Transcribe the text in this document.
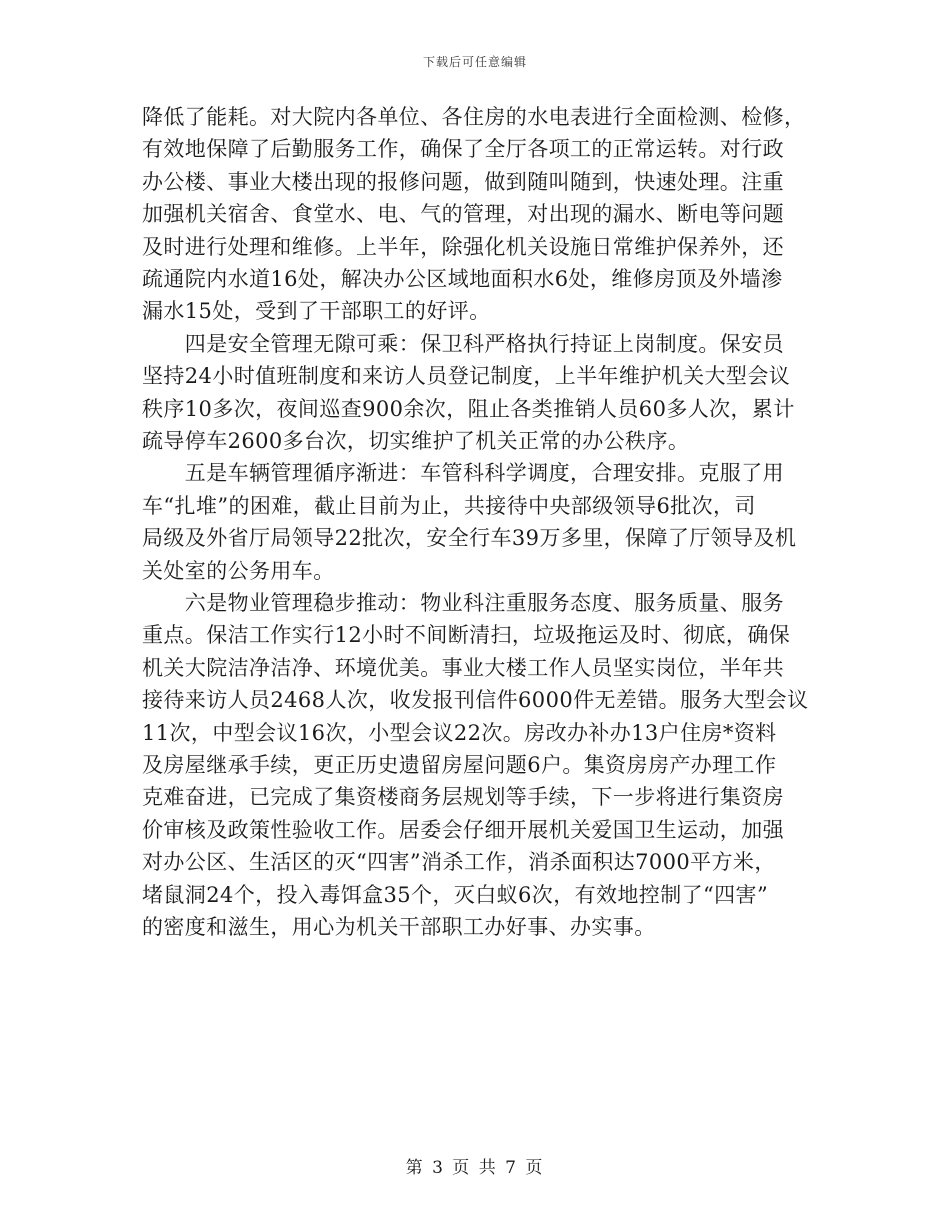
下载后可任意编辑
降低了能耗。对大院内各单位、各住房的水电表进行全面检测、检修，
有效地保障了后勤服务工作，确保了全厅各项工的正常运转。对行政
办公楼、事业大楼出现的报修问题，做到随叫随到，快速处理。注重
加强机关宿舍、食堂水、电、气的管理，对出现的漏水、断电等问题
及时进行处理和维修。上半年，除强化机关设施日常维护保养外，还
疏通院内水道16处，解决办公区域地面积水6处，维修房顶及外墙渗
漏水15处，受到了干部职工的好评。
　　四是安全管理无隙可乘：保卫科严格执行持证上岗制度。保安员
坚持24小时值班制度和来访人员登记制度，上半年维护机关大型会议
秩序10多次，夜间巡查900余次，阻止各类推销人员60多人次，累计
疏导停车2600多台次，切实维护了机关正常的办公秩序。
　　五是车辆管理循序渐进：车管科科学调度，合理安排。克服了用
车“扎堆”的困难，截止目前为止，共接待中央部级领导6批次，司
局级及外省厅局领导22批次，安全行车39万多里，保障了厅领导及机
关处室的公务用车。
　　六是物业管理稳步推动：物业科注重服务态度、服务质量、服务
重点。保洁工作实行12小时不间断清扫，垃圾拖运及时、彻底，确保
机关大院洁净洁净、环境优美。事业大楼工作人员坚实岗位，半年共
接待来访人员2468人次，收发报刊信件6000件无差错。服务大型会议
11次，中型会议16次，小型会议22次。房改办补办13户住房*资料
及房屋继承手续，更正历史遗留房屋问题6户。集资房房产办理工作
克难奋进，已完成了集资楼商务层规划等手续，下一步将进行集资房
价审核及政策性验收工作。居委会仔细开展机关爱国卫生运动，加强
对办公区、生活区的灭“四害”消杀工作，消杀面积达7000平方米，
堵鼠洞24个，投入毒饵盒35个，灭白蚁6次，有效地控制了“四害”
的密度和滋生，用心为机关干部职工办好事、办实事。
第 3 页 共 7 页
